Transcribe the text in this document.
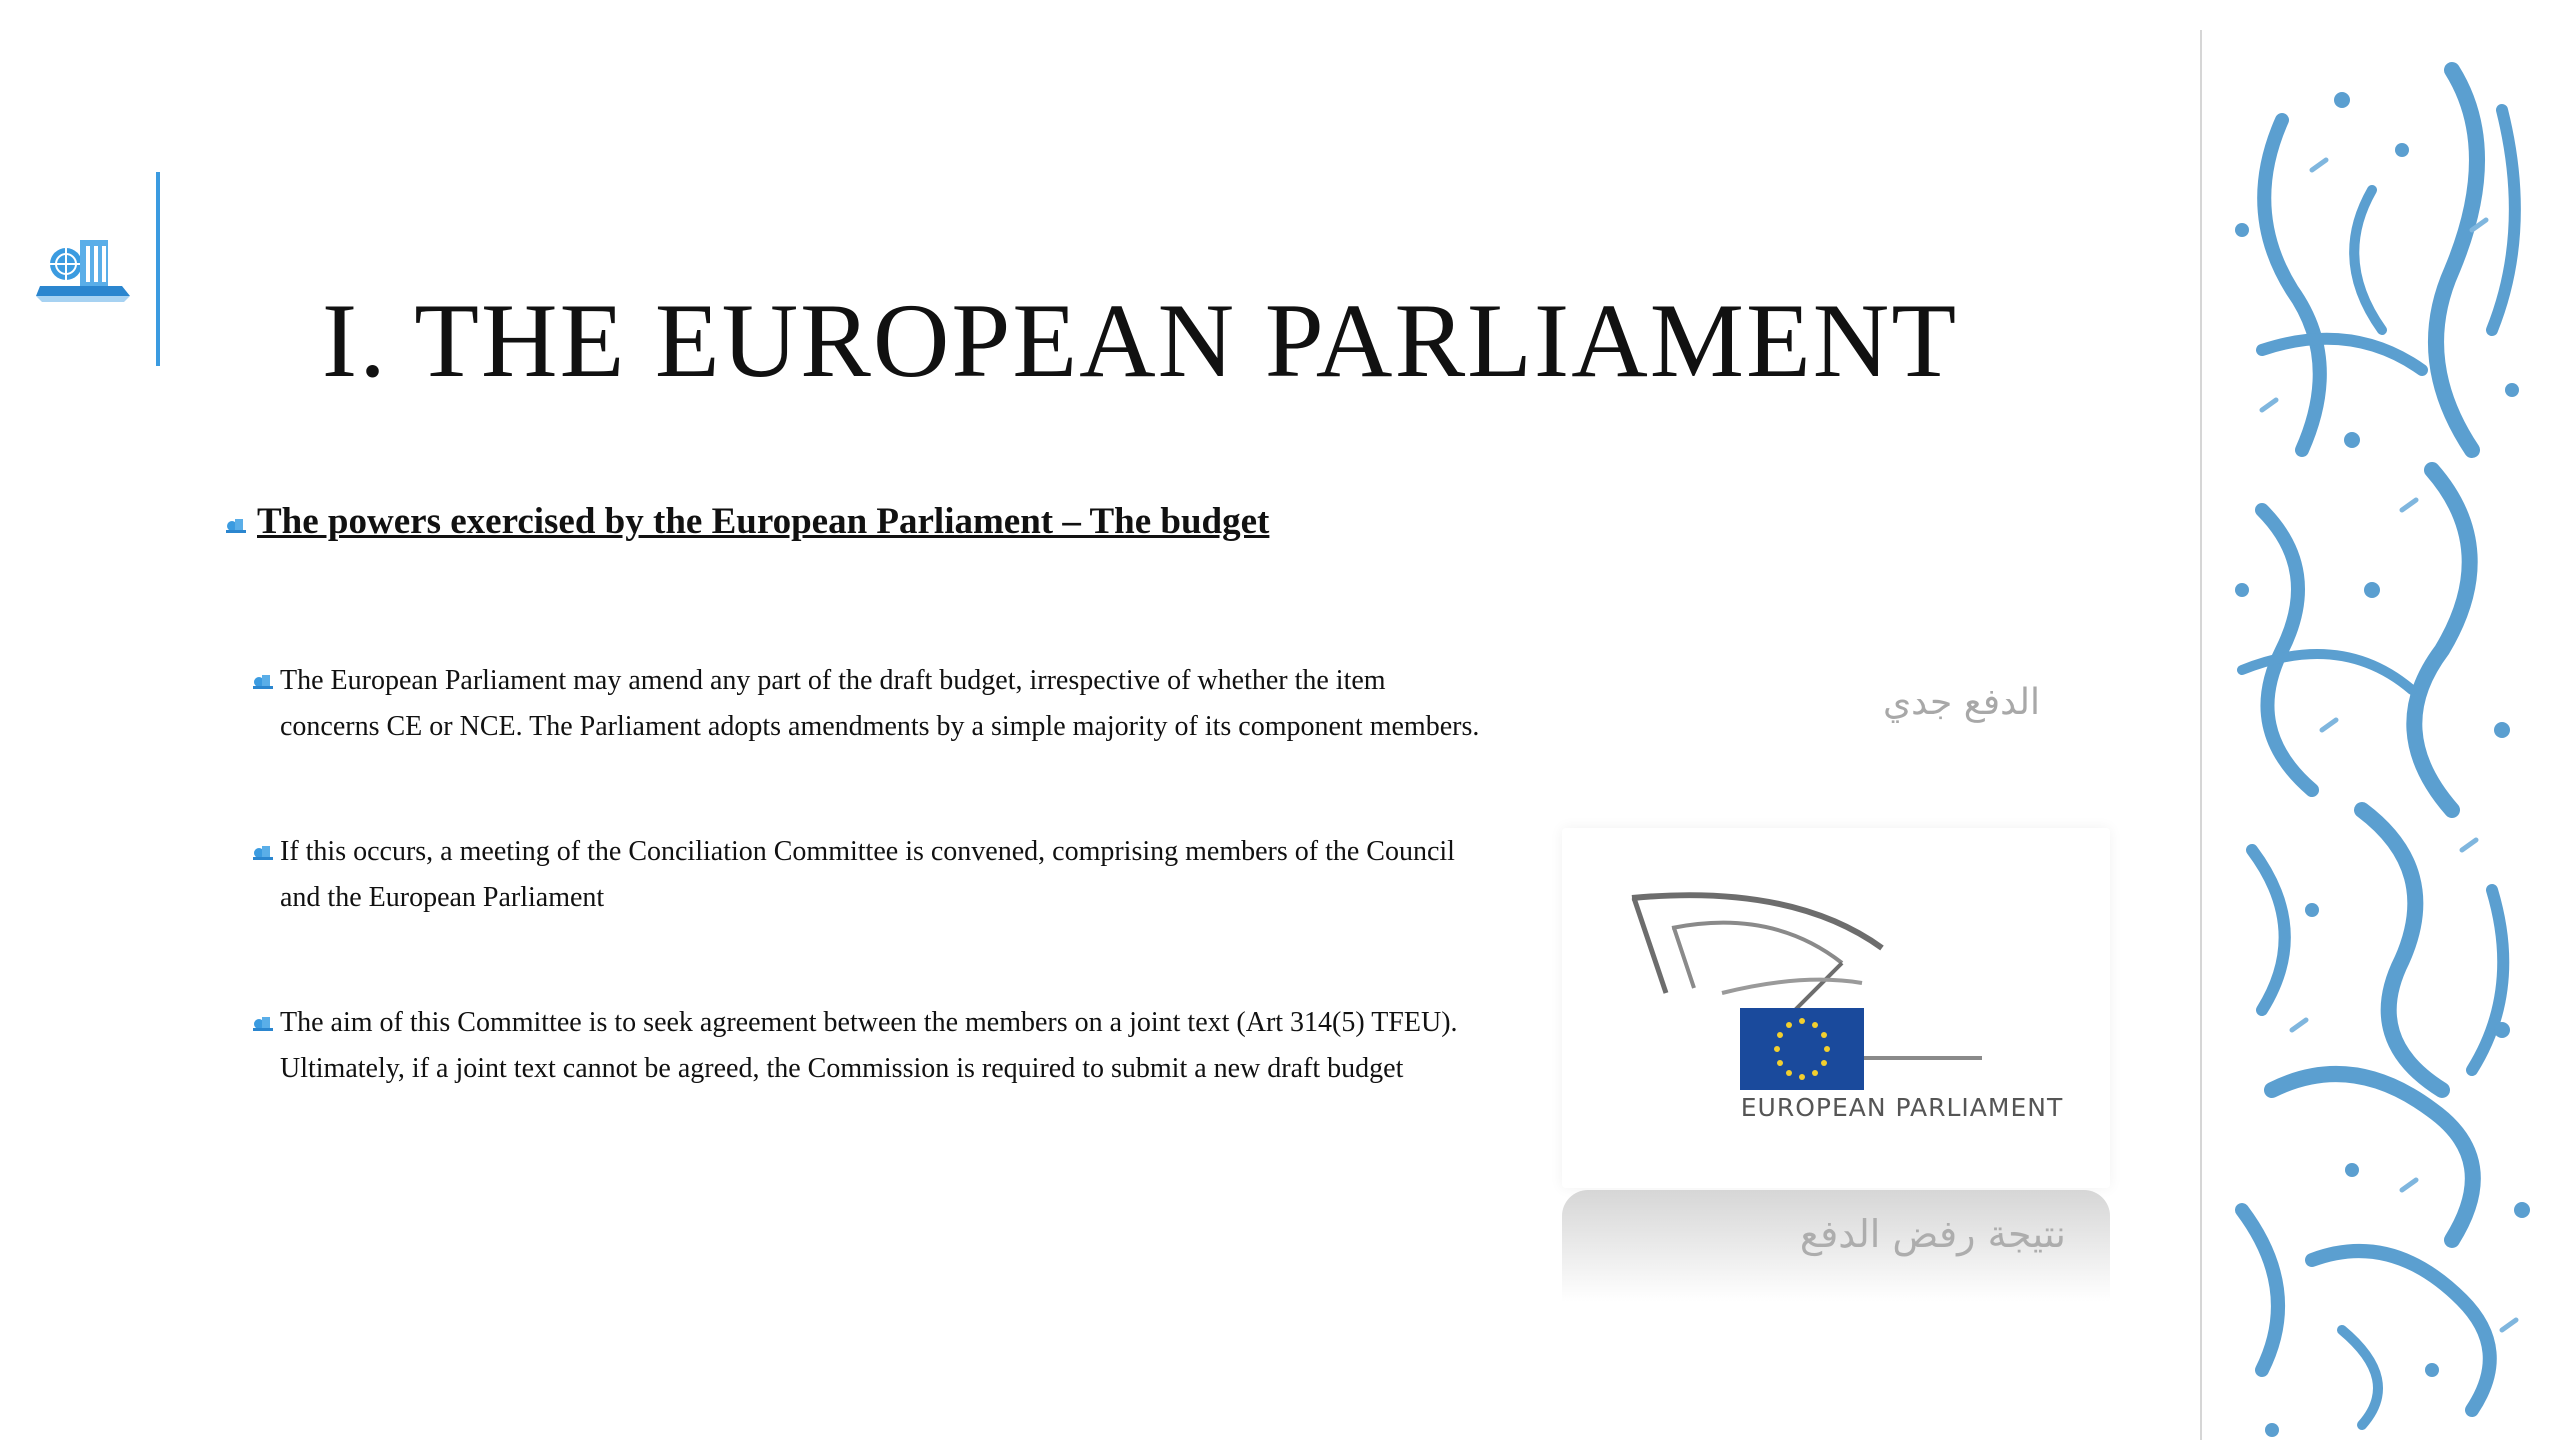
I. THE EUROPEAN PARLIAMENT
The powers exercised by the European Parliament – The budget
The European Parliament may amend any part of the draft budget, irrespective of whether the item concerns CE or NCE. The Parliament adopts amendments by a simple majority of its component members.
If this occurs, a meeting of the Conciliation Committee is convened, comprising members of the Council and the European Parliament
The aim of this Committee is to seek agreement between the members on a joint text (Art 314(5) TFEU). Ultimately, if a joint text cannot be agreed, the Commission is required to submit a new draft budget
الدفع جدي
EUROPEAN PARLIAMENT
نتيجة رفض الدفع
